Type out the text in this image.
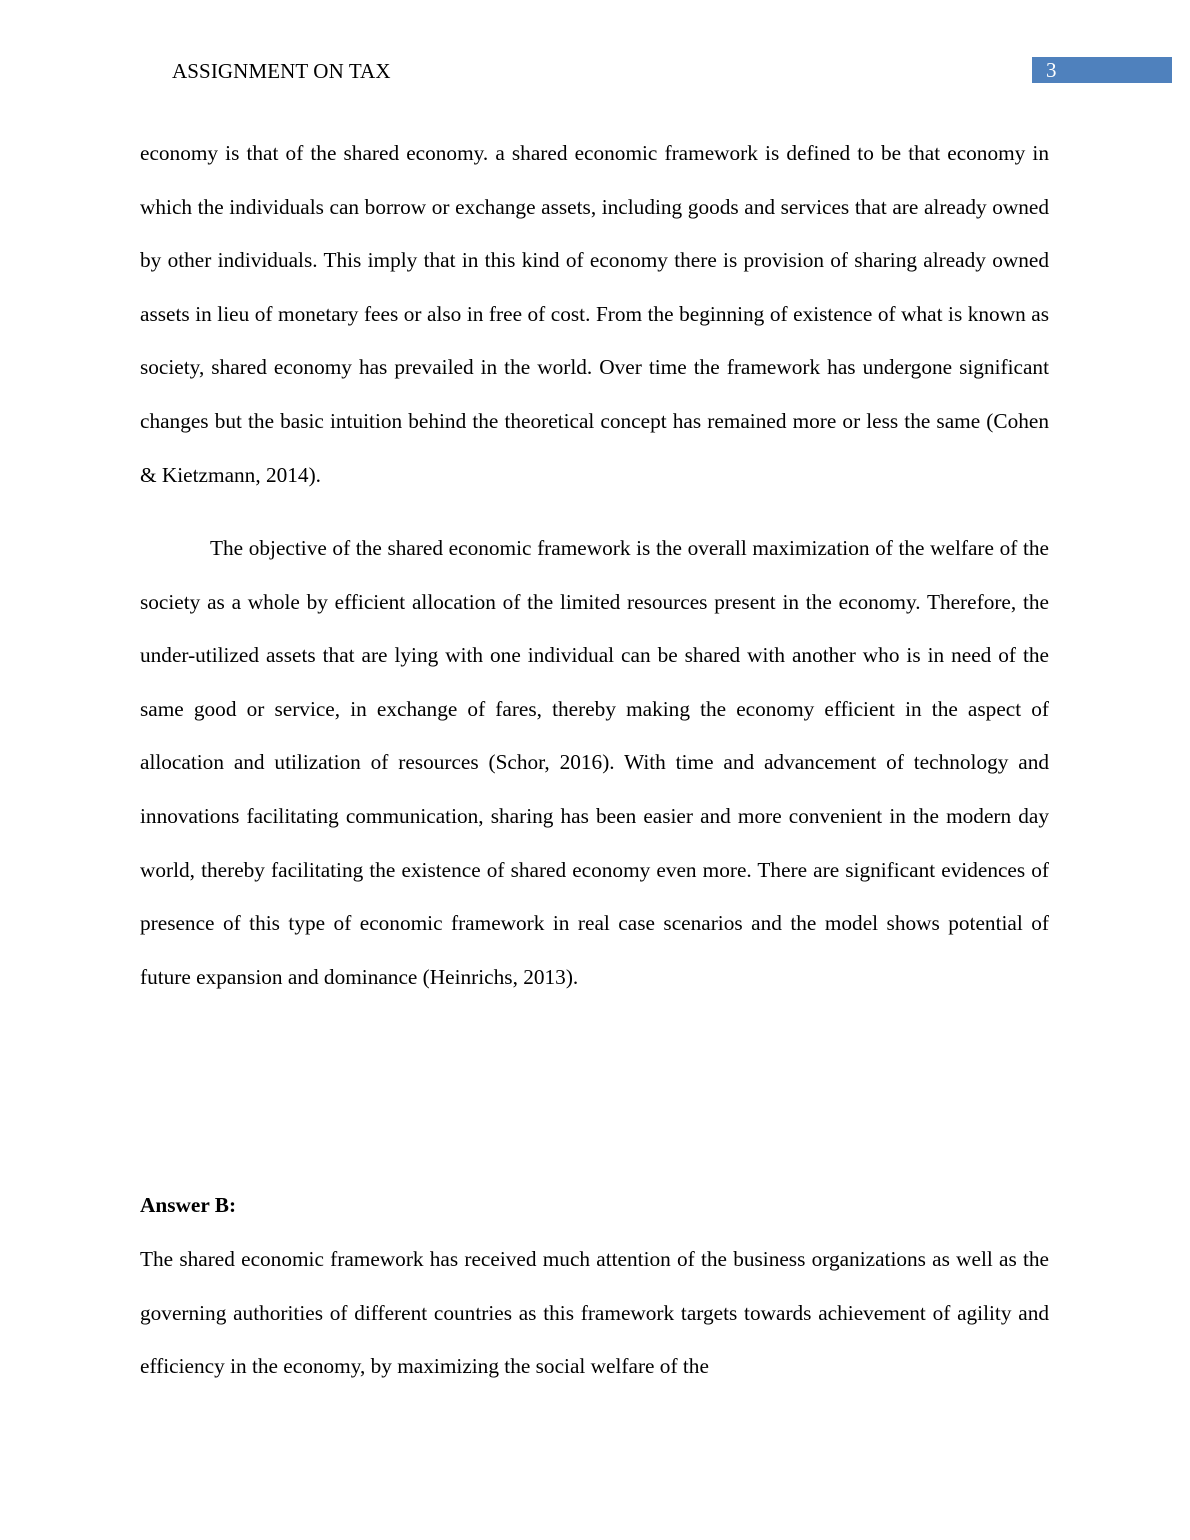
ASSIGNMENT ON TAX	3

economy is that of the shared economy. a shared economic framework is defined to be that economy in which the individuals can borrow or exchange assets, including goods and services that are already owned by other individuals. This imply that in this kind of economy there is provision of sharing already owned assets in lieu of monetary fees or also in free of cost. From the beginning of existence of what is known as society, shared economy has prevailed in the world. Over time the framework has undergone significant changes but the basic intuition behind the theoretical concept has remained more or less the same (Cohen & Kietzmann, 2014).

The objective of the shared economic framework is the overall maximization of the welfare of the society as a whole by efficient allocation of the limited resources present in the economy. Therefore, the under-utilized assets that are lying with one individual can be shared with another who is in need of the same good or service, in exchange of fares, thereby making the economy efficient in the aspect of allocation and utilization of resources (Schor, 2016). With time and advancement of technology and innovations facilitating communication, sharing has been easier and more convenient in the modern day world, thereby facilitating the existence of shared economy even more. There are significant evidences of presence of this type of economic framework in real case scenarios and the model shows potential of future expansion and dominance (Heinrichs, 2013).

Answer B:

The shared economic framework has received much attention of the business organizations as well as the governing authorities of different countries as this framework targets towards achievement of agility and efficiency in the economy, by maximizing the social welfare of the
